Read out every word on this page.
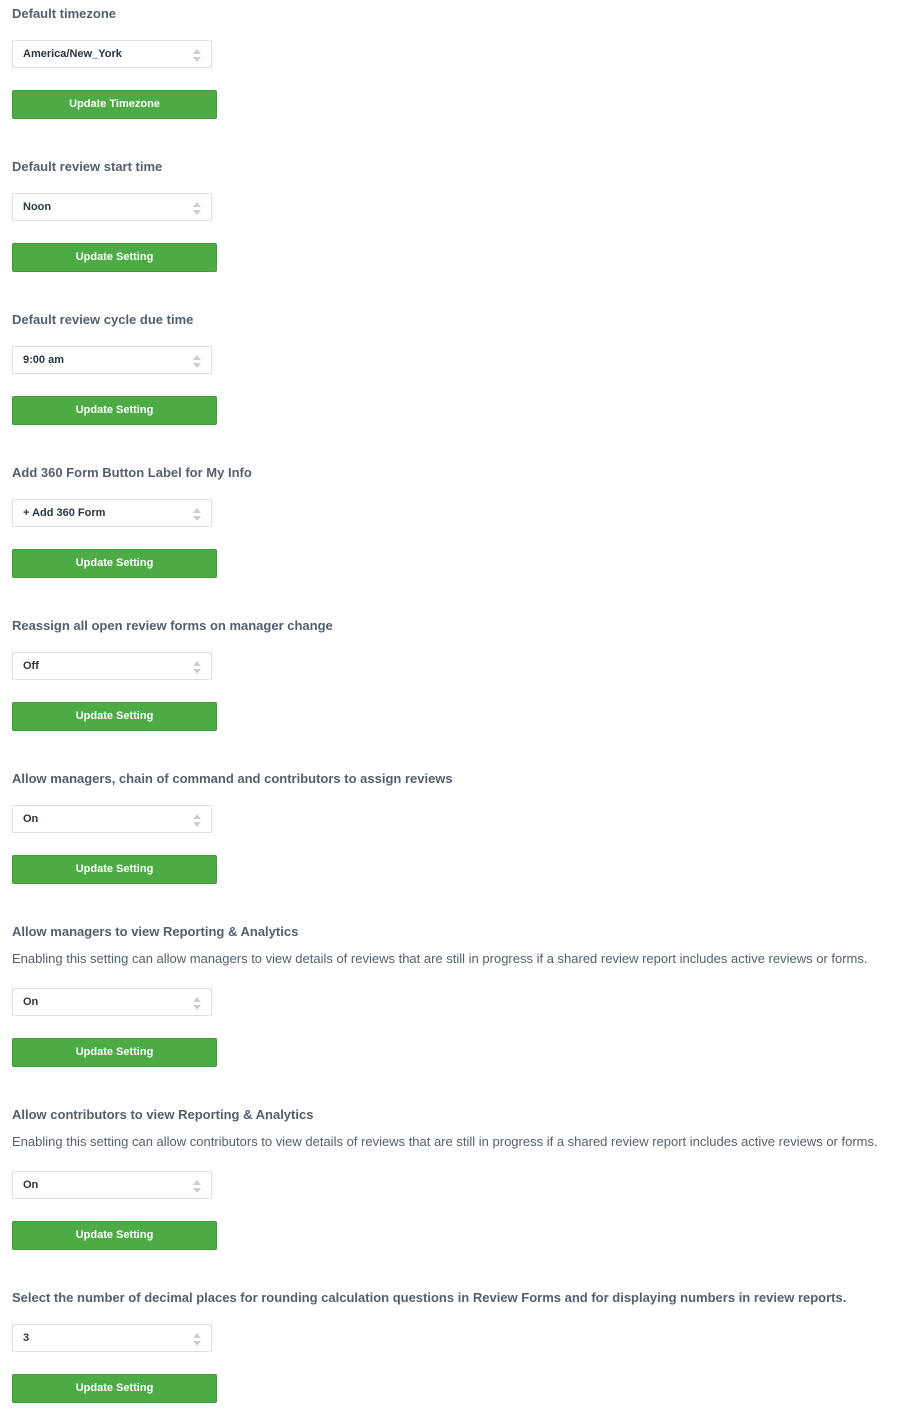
Default timezone
America/New_York
Update Timezone
Default review start time
Noon
Update Setting
Default review cycle due time
9:00 am
Update Setting
Add 360 Form Button Label for My Info
+ Add 360 Form
Update Setting
Reassign all open review forms on manager change
Off
Update Setting
Allow managers, chain of command and contributors to assign reviews
On
Update Setting
Allow managers to view Reporting & Analytics
Enabling this setting can allow managers to view details of reviews that are still in progress if a shared review report includes active reviews or forms.
On
Update Setting
Allow contributors to view Reporting & Analytics
Enabling this setting can allow contributors to view details of reviews that are still in progress if a shared review report includes active reviews or forms.
On
Update Setting
Select the number of decimal places for rounding calculation questions in Review Forms and for displaying numbers in review reports.
3
Update Setting
